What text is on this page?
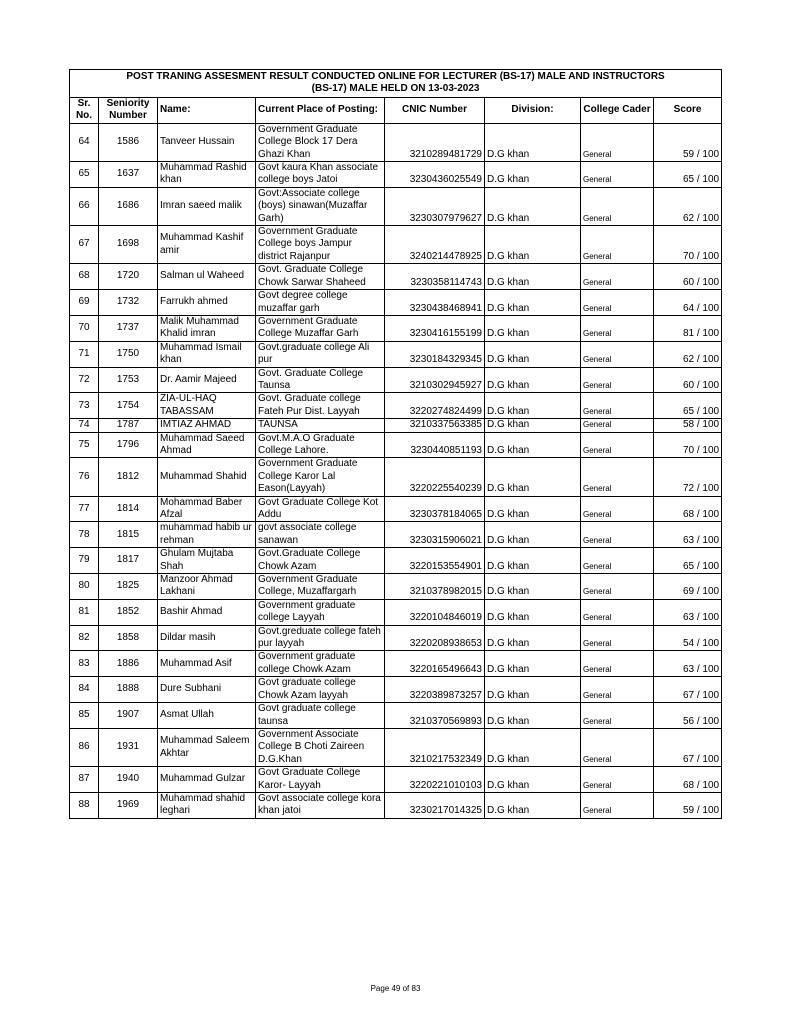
POST TRANING ASSESMENT RESULT CONDUCTED ONLINE FOR LECTURER (BS-17) MALE AND INSTRUCTORS
(BS-17) MALE HELD ON 13-03-2023							

Sr. No.	Seniority Number	Name:	Current Place of Posting:	CNIC Number	Division:	College Cader	Score
64	1586	Tanveer Hussain	Government Graduate College Block 17 Dera Ghazi Khan	3210289481729	D.G khan	General	59 / 100
65	1637	Muhammad Rashid khan	Govt kaura Khan associate college boys Jatoi	3230436025549	D.G khan	General	65 / 100
66	1686	Imran saeed malik	Govt:Associate college (boys) sinawan(Muzaffar Garh)	3230307979627	D.G khan	General	62 / 100
67	1698	Muhammad Kashif amir	Government Graduate College boys Jampur district Rajanpur	3240214478925	D.G khan	General	70 / 100
68	1720	Salman ul Waheed	Govt. Graduate College Chowk Sarwar Shaheed	3230358114743	D.G khan	General	60 / 100
69	1732	Farrukh ahmed	Govt degree college muzaffar garh	3230438468941	D.G khan	General	64 / 100
70	1737	Malik Muhammad Khalid imran	Government Graduate College Muzaffar Garh	3230416155199	D.G khan	General	81 / 100
71	1750	Muhammad Ismail khan	Govt.graduate college Ali pur	3230184329345	D.G khan	General	62 / 100
72	1753	Dr. Aamir Majeed	Govt. Graduate College Taunsa	3210302945927	D.G khan	General	60 / 100
73	1754	ZIA-UL-HAQ TABASSAM	Govt. Graduate college Fateh Pur Dist. Layyah	3220274824499	D.G khan	General	65 / 100
74	1787	IMTIAZ AHMAD	TAUNSA	3210337563385	D.G khan	General	58 / 100
75	1796	Muhammad Saeed Ahmad	Govt.M.A.O Graduate College Lahore.	3230440851193	D.G khan	General	70 / 100
76	1812	Muhammad Shahid	Government Graduate College Karor Lal Eason(Layyah)	3220225540239	D.G khan	General	72 / 100
77	1814	Mohammad Baber Afzal	Govt Graduate College Kot Addu	3230378184065	D.G khan	General	68 / 100
78	1815	muhammad habib ur rehman	govt associate college sanawan	3230315906021	D.G khan	General	63 / 100
79	1817	Ghulam Mujtaba Shah	Govt.Graduate College Chowk Azam	3220153554901	D.G khan	General	65 / 100
80	1825	Manzoor Ahmad Lakhani	Government Graduate College, Muzaffargarh	3210378982015	D.G khan	General	69 / 100
81	1852	Bashir Ahmad	Government graduate college Layyah	3220104846019	D.G khan	General	63 / 100
82	1858	Dildar masih	Govt.greduate college fateh pur layyah	3220208938653	D.G khan	General	54 / 100
83	1886	Muhammad Asif	Government graduate college Chowk Azam	3220165496643	D.G khan	General	63 / 100
84	1888	Dure Subhani	Govt graduate college Chowk Azam layyah	3220389873257	D.G khan	General	67 / 100
85	1907	Asmat Ullah	Govt graduate college taunsa	3210370569893	D.G khan	General	56 / 100
86	1931	Muhammad Saleem Akhtar	Government Associate College B Choti Zaireen D.G.Khan	3210217532349	D.G khan	General	67 / 100
87	1940	Muhammad Gulzar	Govt Graduate College Karor- Layyah	3220221010103	D.G khan	General	68 / 100
88	1969	Muhammad shahid leghari	Govt associate college kora khan jatoi	3230217014325	D.G khan	General	59 / 100
Page 49 of 83
